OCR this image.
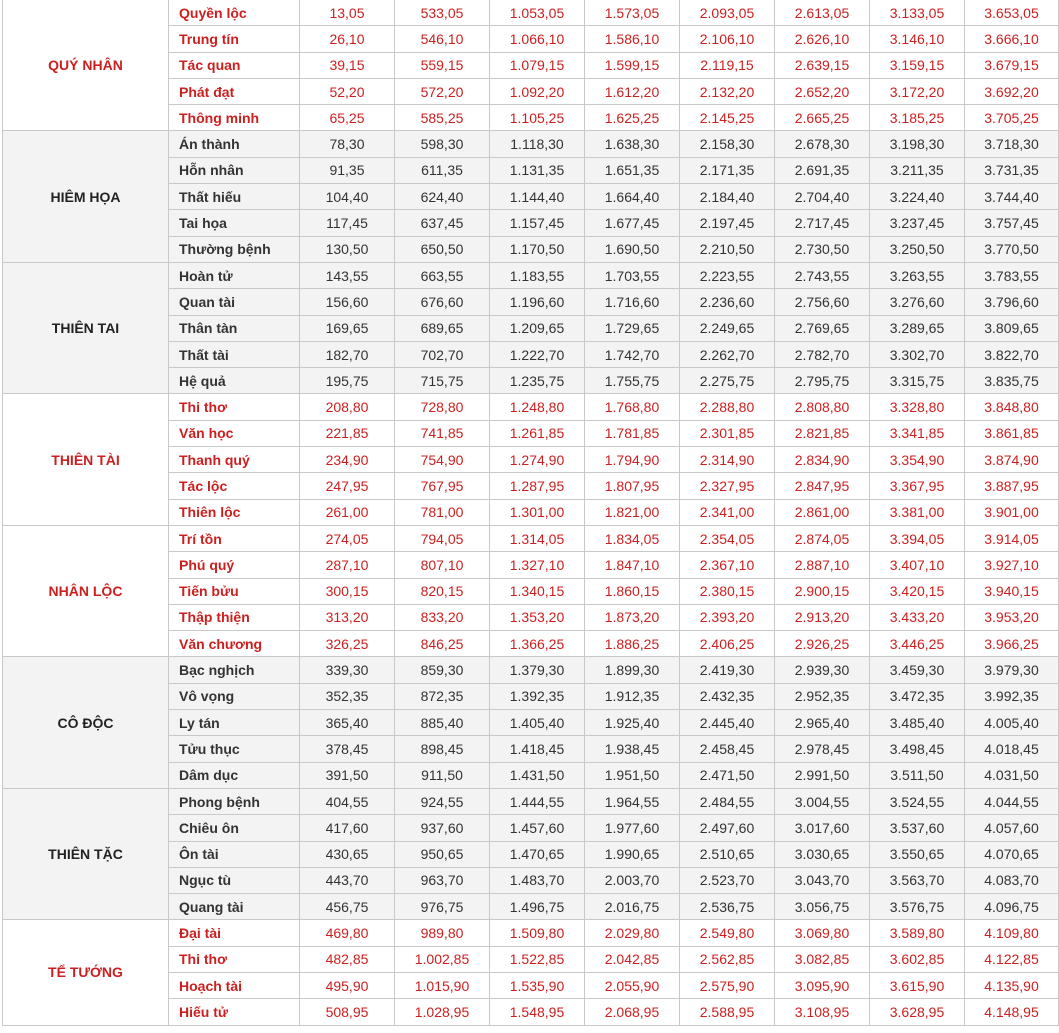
QUÝ NHÂN	Quyền lộc	13,05	533,05	1.053,05	1.573,05	2.093,05	2.613,05	3.133,05	3.653,05
	Trung tín	26,10	546,10	1.066,10	1.586,10	2.106,10	2.626,10	3.146,10	3.666,10
	Tác quan	39,15	559,15	1.079,15	1.599,15	2.119,15	2.639,15	3.159,15	3.679,15
	Phát đạt	52,20	572,20	1.092,20	1.612,20	2.132,20	2.652,20	3.172,20	3.692,20
	Thông minh	65,25	585,25	1.105,25	1.625,25	2.145,25	2.665,25	3.185,25	3.705,25
HIÊM HỌA	Án thành	78,30	598,30	1.118,30	1.638,30	2.158,30	2.678,30	3.198,30	3.718,30
	Hỗn nhân	91,35	611,35	1.131,35	1.651,35	2.171,35	2.691,35	3.211,35	3.731,35
	Thất hiếu	104,40	624,40	1.144,40	1.664,40	2.184,40	2.704,40	3.224,40	3.744,40
	Tai họa	117,45	637,45	1.157,45	1.677,45	2.197,45	2.717,45	3.237,45	3.757,45
	Thường bệnh	130,50	650,50	1.170,50	1.690,50	2.210,50	2.730,50	3.250,50	3.770,50
THIÊN TAI	Hoàn tử	143,55	663,55	1.183,55	1.703,55	2.223,55	2.743,55	3.263,55	3.783,55
	Quan tài	156,60	676,60	1.196,60	1.716,60	2.236,60	2.756,60	3.276,60	3.796,60
	Thân tàn	169,65	689,65	1.209,65	1.729,65	2.249,65	2.769,65	3.289,65	3.809,65
	Thất tài	182,70	702,70	1.222,70	1.742,70	2.262,70	2.782,70	3.302,70	3.822,70
	Hệ quả	195,75	715,75	1.235,75	1.755,75	2.275,75	2.795,75	3.315,75	3.835,75
THIÊN TÀI	Thi thơ	208,80	728,80	1.248,80	1.768,80	2.288,80	2.808,80	3.328,80	3.848,80
	Văn học	221,85	741,85	1.261,85	1.781,85	2.301,85	2.821,85	3.341,85	3.861,85
	Thanh quý	234,90	754,90	1.274,90	1.794,90	2.314,90	2.834,90	3.354,90	3.874,90
	Tác lộc	247,95	767,95	1.287,95	1.807,95	2.327,95	2.847,95	3.367,95	3.887,95
	Thiên lộc	261,00	781,00	1.301,00	1.821,00	2.341,00	2.861,00	3.381,00	3.901,00
NHÂN LỘC	Trí tồn	274,05	794,05	1.314,05	1.834,05	2.354,05	2.874,05	3.394,05	3.914,05
	Phú quý	287,10	807,10	1.327,10	1.847,10	2.367,10	2.887,10	3.407,10	3.927,10
	Tiến bửu	300,15	820,15	1.340,15	1.860,15	2.380,15	2.900,15	3.420,15	3.940,15
	Thập thiện	313,20	833,20	1.353,20	1.873,20	2.393,20	2.913,20	3.433,20	3.953,20
	Văn chương	326,25	846,25	1.366,25	1.886,25	2.406,25	2.926,25	3.446,25	3.966,25
CÔ ĐỘC	Bạc nghịch	339,30	859,30	1.379,30	1.899,30	2.419,30	2.939,30	3.459,30	3.979,30
	Vô vọng	352,35	872,35	1.392,35	1.912,35	2.432,35	2.952,35	3.472,35	3.992,35
	Ly tán	365,40	885,40	1.405,40	1.925,40	2.445,40	2.965,40	3.485,40	4.005,40
	Tửu thục	378,45	898,45	1.418,45	1.938,45	2.458,45	2.978,45	3.498,45	4.018,45
	Dâm dục	391,50	911,50	1.431,50	1.951,50	2.471,50	2.991,50	3.511,50	4.031,50
THIÊN TẶC	Phong bệnh	404,55	924,55	1.444,55	1.964,55	2.484,55	3.004,55	3.524,55	4.044,55
	Chiêu ôn	417,60	937,60	1.457,60	1.977,60	2.497,60	3.017,60	3.537,60	4.057,60
	Ôn tài	430,65	950,65	1.470,65	1.990,65	2.510,65	3.030,65	3.550,65	4.070,65
	Ngục tù	443,70	963,70	1.483,70	2.003,70	2.523,70	3.043,70	3.563,70	4.083,70
	Quang tài	456,75	976,75	1.496,75	2.016,75	2.536,75	3.056,75	3.576,75	4.096,75
TỂ TƯỚNG	Đại tài	469,80	989,80	1.509,80	2.029,80	2.549,80	3.069,80	3.589,80	4.109,80
	Thi thơ	482,85	1.002,85	1.522,85	2.042,85	2.562,85	3.082,85	3.602,85	4.122,85
	Hoạch tài	495,90	1.015,90	1.535,90	2.055,90	2.575,90	3.095,90	3.615,90	4.135,90
	Hiếu tử	508,95	1.028,95	1.548,95	2.068,95	2.588,95	3.108,95	3.628,95	4.148,95
